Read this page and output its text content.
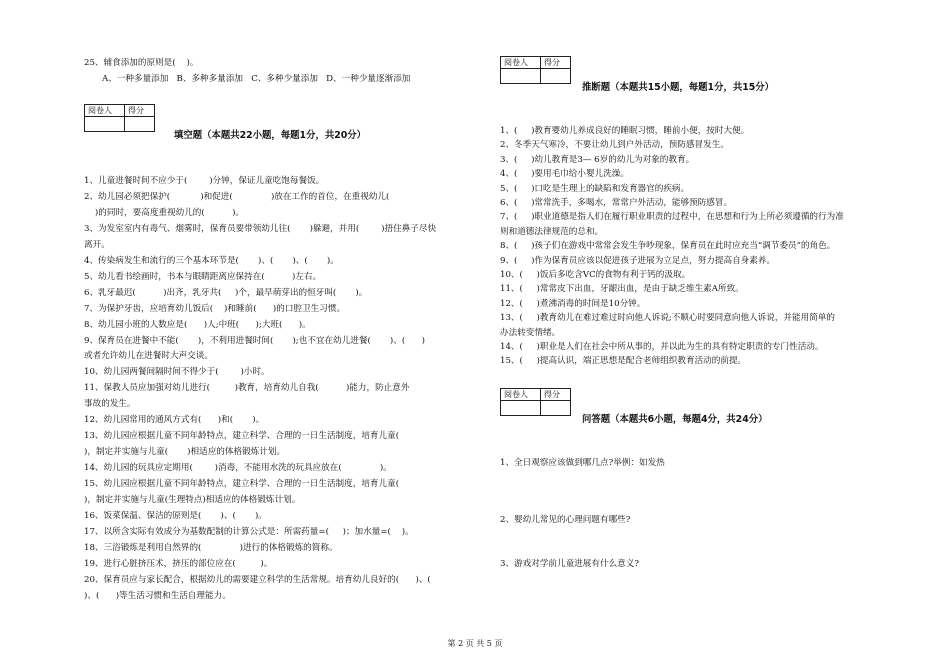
25、辅食添加的原则是(    )。
A、一种多量添加   B、多种多量添加   C、多种少量添加   D、一种少量逐渐添加
阅卷人	得分

填空题（本题共22小题，每题1分，共20分）
1、儿童进餐时间不应少于(        )分钟，保证儿童吃饱每餐饭。
2、幼儿园必须把保护(           )和促进(              )放在工作的首位，在重视幼儿(
)的同时，要高度重视幼儿的(          )。
3、为发室室内有毒气、烟雾时，保育员要带领幼儿往(       )躲避，并用(        )捂住鼻子尽快
离开。
4、传染病发生和流行的三个基本环节是(       )、(       )、(       )。
5、幼儿看书绘画时，书本与眼睛距离应保持在(          )左右。
6、乳牙最迟(          )出齐，乳牙共(     )个，最早萌芽出的恒牙叫(       )。
7、为保护牙齿，应培育幼儿饭后(    )和睡前(      )的口腔卫生习惯。
8、幼儿园小班的人数应是(      )人;中班(      );大班(      )。
9、保育员在进餐中不能(       )，不利用进餐时间(       );也不宜在幼儿进餐(       )、(      )
或者允许幼儿在进餐时大声交谈。
10、幼儿园两餐间隔时间不得少于(        )小时。
11、保教人员应加强对幼儿进行(         )教育，培育幼儿自我(          )能力，防止意外
事故的发生。
12、幼儿园常用的通风方式有(      )和(       )。
13、幼儿园应根据儿童不同年龄特点，建立科学、合理的一日生活制度，培育儿童(
)，制定并实施与儿童(       )相适应的体格锻炼计划。
14、幼儿园的玩具应定期用(        )消毒，不能用水洗的玩具应放在(              )。
15、幼儿园应根据儿童不同年龄特点，建立科学、合理的一日生活制度，培育儿童(
)，制定并实施与儿童(生理特点)相适应的体格锻炼计划。
16、饭菜保温、保洁的原则是(       )、(       )。
17、以所含实际有效成分为基数配制的计算公式是：所需药量=(     )；加水量=(    )。
18、三浴锻炼是利用自然界的(              )进行的体格锻炼的简称。
19、进行心脏挤压术，挤压的部位应在(         )。
20、保育员应与家长配合，根据幼儿的需要建立科学的生活常规。培育幼儿良好的(      )、(
)、(      )等生活习惯和生活自理能力。
阅卷人	得分

推断题（本题共15小题，每题1分，共15分）
1、(     )教育婴幼儿养成良好的睡眠习惯，睡前小便，按时大便。
2、冬季天气寒冷，不要让幼儿到户外活动，预防感冒发生。
3、(     )幼儿教育是3— 6岁的幼儿为对象的教育。
4、(     )要用毛巾给小婴儿洗澡。
5、(     )口吃是生理上的缺陷和发育器官的疾病。
6、(     )常常洗手，多喝水，常常户外活动，能够预防感冒。
7、(     )职业道德是指人们在履行职业职责的过程中，在思想和行为上所必须遵循的行为准
则和道德法律规范的总和。
8、(     )孩子们在游戏中常常会发生争吵现象，保育员在此时应充当“调节委员”的角色。
9、(     )作为保育员应该以促进孩子进展为立足点，努力提高自身素养。
10、(     )饭后多吃含VC的食物有利于钙的汲取。
11、(     )常常皮下出血，牙龈出血，是由于缺乏维生素A所致。
12、(     )煮沸消毒的时间是10分钟。
13、(     )教育幼儿在难过难过时向他人诉说;不顺心时要同意向他人诉说，并能用简单的
办法转变情绪。
14、(     )职业是人们在社会中所从事的，并以此为生的具有特定职责的专门性活动。
15、(     )提高认识，端正思想是配合老师组织教育活动的前提。
阅卷人	得分

问答题（本题共6小题，每题4分，共24分）
1、全日观察应该做到哪几点?举例：如发热
2、婴幼儿常见的心理问题有哪些?
3、游戏对学前儿童进展有什么意义?
第 2 页 共 5 页
